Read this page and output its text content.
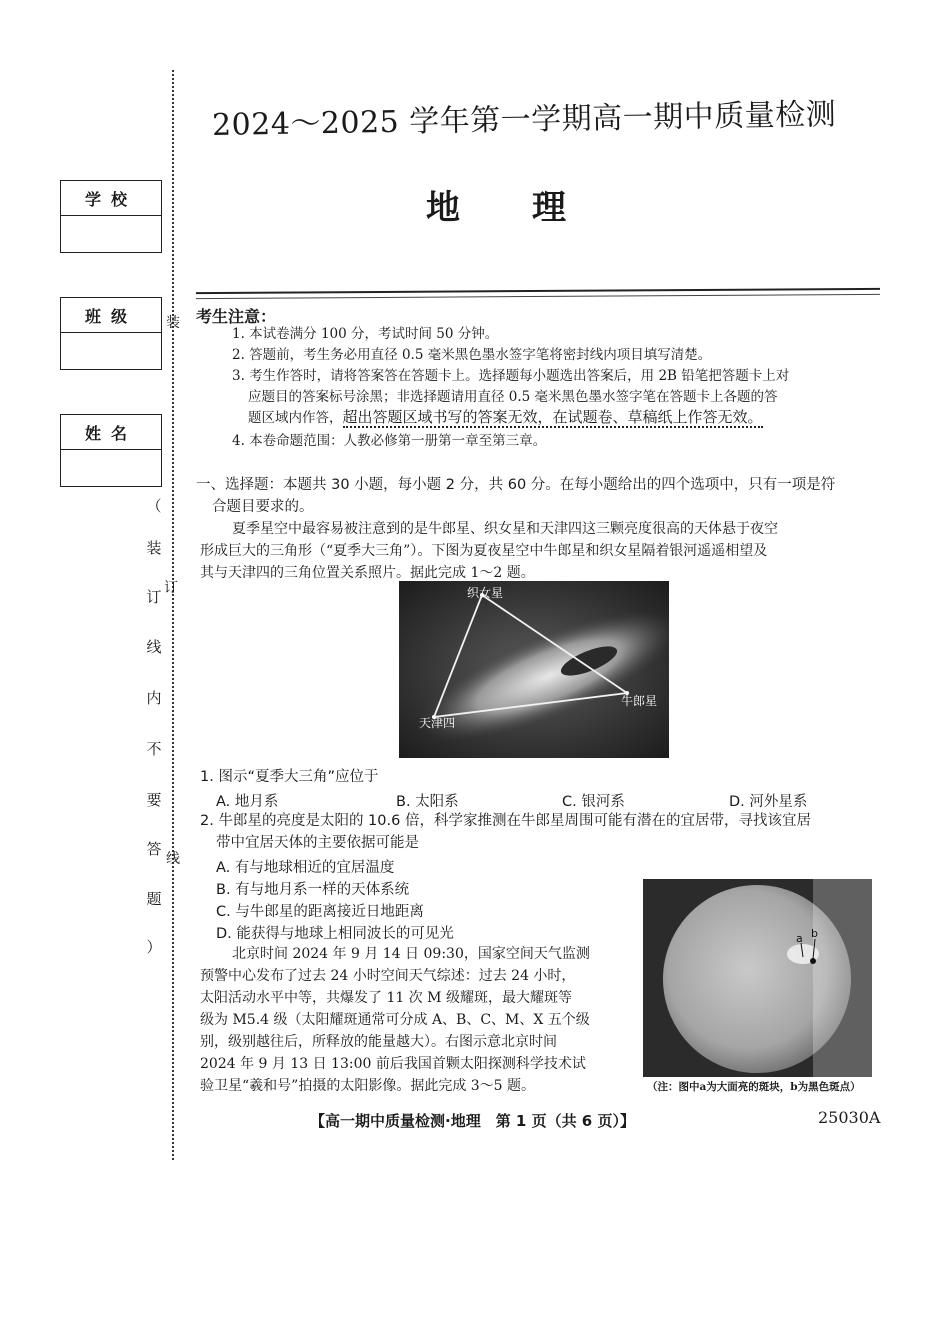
学校
班级
姓名
（
装
订
线
内
不
要
答
题
）
装
订
线
2024～2025 学年第一学期高一期中质量检测
地理
考生注意：
1. 本试卷满分 100 分，考试时间 50 分钟。
2. 答题前，考生务必用直径 0.5 毫米黑色墨水签字笔将密封线内项目填写清楚。
3. 考生作答时，请将答案答在答题卡上。选择题每小题选出答案后，用 2B 铅笔把答题卡上对
应题目的答案标号涂黑；非选择题请用直径 0.5 毫米黑色墨水签字笔在答题卡上各题的答
题区域内作答，超出答题区域书写的答案无效，在试题卷、草稿纸上作答无效。
4. 本卷命题范围：人教必修第一册第一章至第三章。
一、选择题：本题共 30 小题，每小题 2 分，共 60 分。在每小题给出的四个选项中，只有一项是符
合题目要求的。
夏季星空中最容易被注意到的是牛郎星、织女星和天津四这三颗亮度很高的天体悬于夜空
形成巨大的三角形（“夏季大三角”）。下图为夏夜星空中牛郎星和织女星隔着银河遥遥相望及
其与天津四的三角位置关系照片。据此完成 1～2 题。
织女星
天津四
牛郎星
1. 图示“夏季大三角”应位于
A. 地月系	B. 太阳系	C. 银河系	D. 河外星系
2. 牛郎星的亮度是太阳的 10.6 倍，科学家推测在牛郎星周围可能有潜在的宜居带，寻找该宜居
带中宜居天体的主要依据可能是
A. 有与地球相近的宜居温度
B. 有与地月系一样的天体系统
C. 与牛郎星的距离接近日地距离
D. 能获得与地球上相同波长的可见光
北京时间 2024 年 9 月 14 日 09:30，国家空间天气监测
预警中心发布了过去 24 小时空间天气综述：过去 24 小时，
太阳活动水平中等，共爆发了 11 次 M 级耀斑，最大耀斑等
级为 M5.4 级（太阳耀斑通常可分成 A、B、C、M、X 五个级
别，级别越往后，所释放的能量越大）。右图示意北京时间
2024 年 9 月 13 日 13:00 前后我国首颗太阳探测科学技术试
验卫星“羲和号”拍摄的太阳影像。据此完成 3～5 题。
a b
（注：图中a为大面亮的斑块，b为黑色斑点）
【高一期中质量检测·地理　第 1 页（共 6 页）】	25030A
